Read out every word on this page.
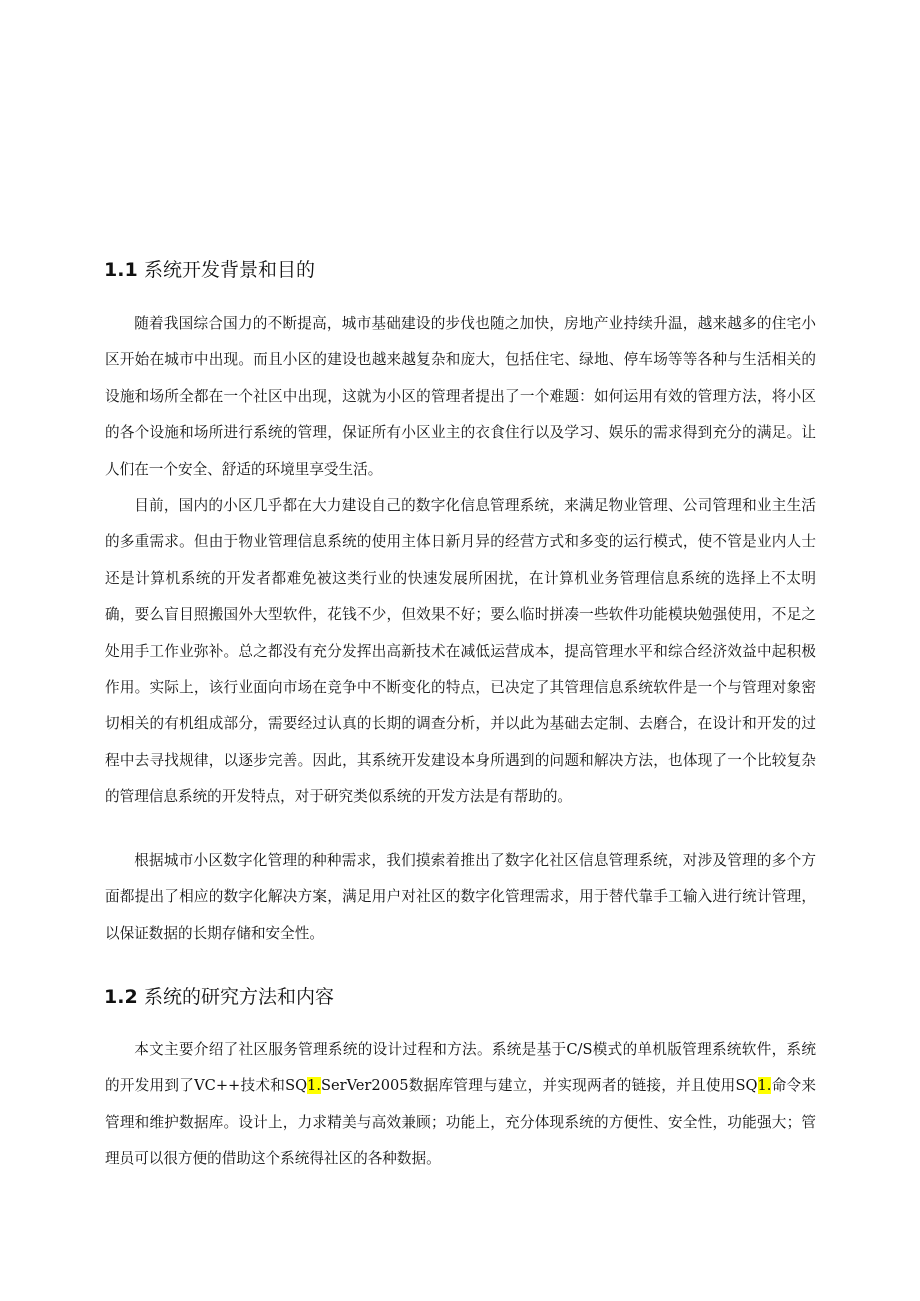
1.1 系统开发背景和目的

随着我国综合国力的不断提高，城市基础建设的步伐也随之加快，房地产业持续升温，越来越多的住宅小区开始在城市中出现。而且小区的建设也越来越复杂和庞大，包括住宅、绿地、停车场等等各种与生活相关的设施和场所全都在一个社区中出现，这就为小区的管理者提出了一个难题：如何运用有效的管理方法，将小区的各个设施和场所进行系统的管理，保证所有小区业主的衣食住行以及学习、娱乐的需求得到充分的满足。让人们在一个安全、舒适的环境里享受生活。

目前，国内的小区几乎都在大力建设自己的数字化信息管理系统，来满足物业管理、公司管理和业主生活的多重需求。但由于物业管理信息系统的使用主体日新月异的经营方式和多变的运行模式，使不管是业内人士还是计算机系统的开发者都难免被这类行业的快速发展所困扰，在计算机业务管理信息系统的选择上不太明确，要么盲目照搬国外大型软件，花钱不少，但效果不好；要么临时拼凑一些软件功能模块勉强使用，不足之处用手工作业弥补。总之都没有充分发挥出高新技术在减低运营成本，提高管理水平和综合经济效益中起积极作用。实际上，该行业面向市场在竞争中不断变化的特点，已决定了其管理信息系统软件是一个与管理对象密切相关的有机组成部分，需要经过认真的长期的调查分析，并以此为基础去定制、去磨合，在设计和开发的过程中去寻找规律，以逐步完善。因此，其系统开发建设本身所遇到的问题和解决方法，也体现了一个比较复杂的管理信息系统的开发特点，对于研究类似系统的开发方法是有帮助的。

根据城市小区数字化管理的种种需求，我们摸索着推出了数字化社区信息管理系统，对涉及管理的多个方面都提出了相应的数字化解决方案，满足用户对社区的数字化管理需求，用于替代靠手工输入进行统计管理，以保证数据的长期存储和安全性。

1.2 系统的研究方法和内容

本文主要介绍了社区服务管理系统的设计过程和方法。系统是基于C/S模式的单机版管理系统软件，系统的开发用到了VC++技术和SQ1.SerVer2005数据库管理与建立，并实现两者的链接，并且使用SQ1.命令来管理和维护数据库。设计上，力求精美与高效兼顾；功能上，充分体现系统的方便性、安全性，功能强大；管理员可以很方便的借助这个系统得社区的各种数据。
